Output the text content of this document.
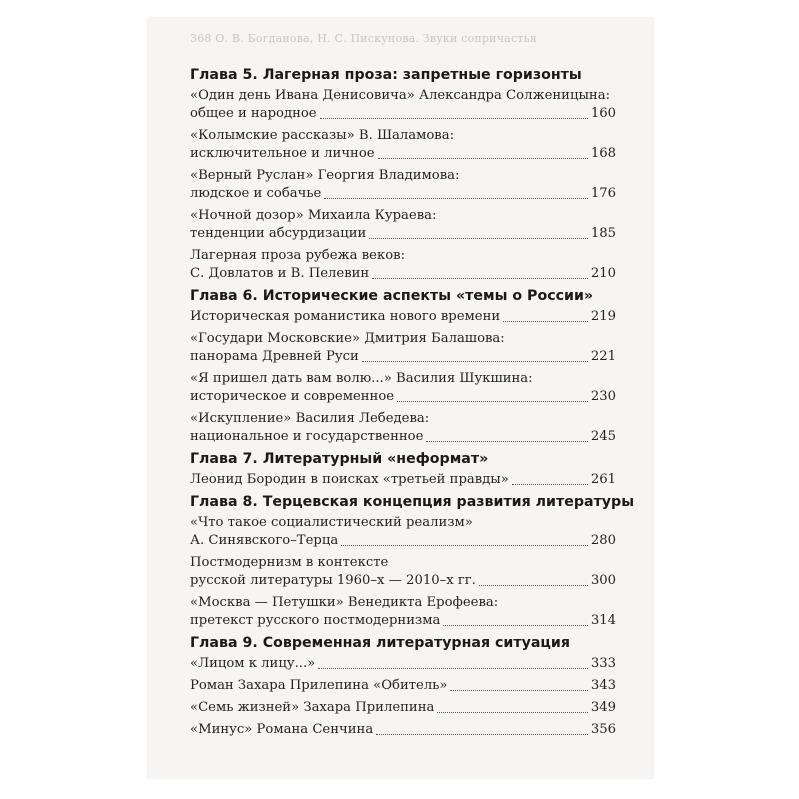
368 О. В. Богданова, Н. С. Пискунова. Звуки сопричастья
Глава 5. Лагерная проза: запретные горизонты
«Один день Ивана Денисовича» Александра Солженицына:
общее и народное	160
«Колымские рассказы» В. Шаламова:
исключительное и личное	168
«Верный Руслан» Георгия Владимова:
людское и собачье	176
«Ночной дозор» Михаила Кураева:
тенденции абсурдизации	185
Лагерная проза рубежа веков:
С. Довлатов и В. Пелевин	210
Глава 6. Исторические аспекты «темы о России»
Историческая романистика нового времени	219
«Государи Московские» Дмитрия Балашова:
панорама Древней Руси	221
«Я пришел дать вам волю...» Василия Шукшина:
историческое и современное	230
«Искупление» Василия Лебедева:
национальное и государственное	245
Глава 7. Литературный «неформат»
Леонид Бородин в поисках «третьей правды»	261
Глава 8. Терцевская концепция развития литературы
«Что такое социалистический реализм»
А. Синявского–Терца	280
Постмодернизм в контексте
русской литературы 1960–х — 2010–х гг.	300
«Москва — Петушки» Венедикта Ерофеева:
претекст русского постмодернизма	314
Глава 9. Современная литературная ситуация
«Лицом к лицу...»	333
Роман Захара Прилепина «Обитель»	343
«Семь жизней» Захара Прилепина	349
«Минус» Романа Сенчина	356
